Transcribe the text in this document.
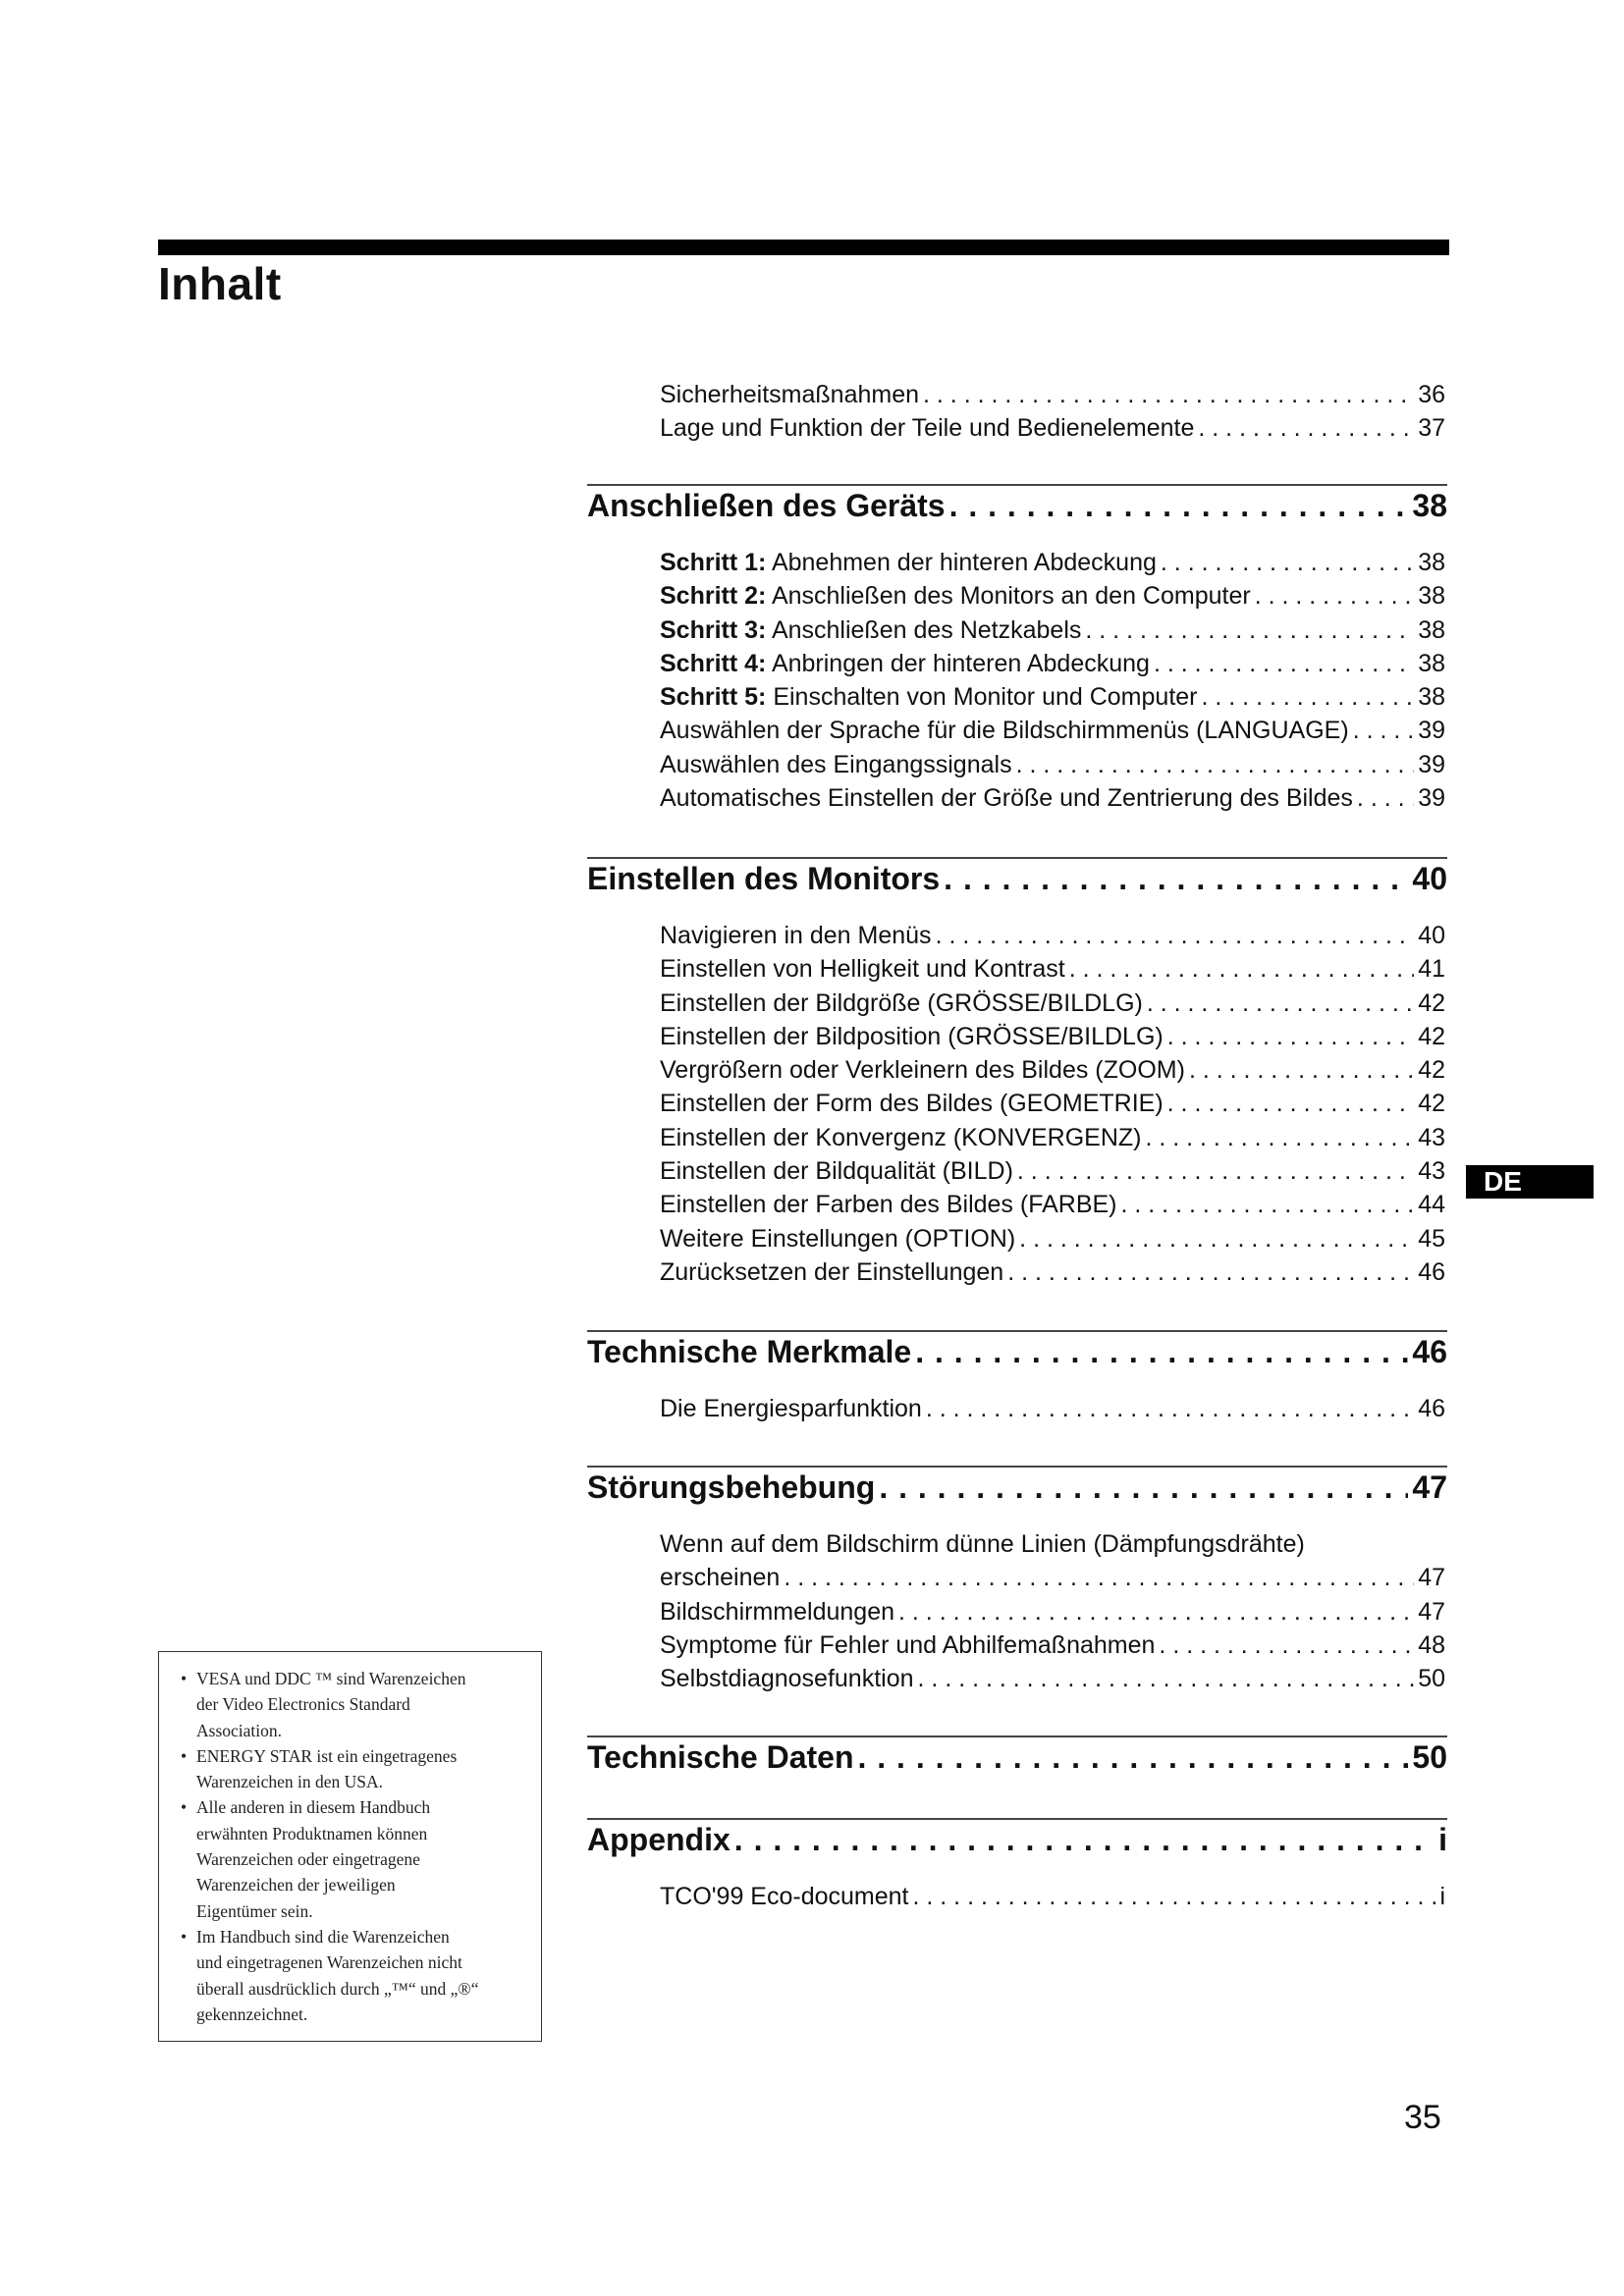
Inhalt
Sicherheitsmaßnahmen . . .	36
Lage und Funktion der Teile und Bedienelemente . . .	37
Anschließen des Geräts . . .	38
Schritt 1: Abnehmen der hinteren Abdeckung . . .	38
Schritt 2: Anschließen des Monitors an den Computer . . .	38
Schritt 3: Anschließen des Netzkabels . . .	38
Schritt 4: Anbringen der hinteren Abdeckung . . .	38
Schritt 5: Einschalten von Monitor und Computer . . .	38
Auswählen der Sprache für die Bildschirmmenüs (LANGUAGE) . . .	39
Auswählen des Eingangssignals . . .	39
Automatisches Einstellen der Größe und Zentrierung des Bildes . . .	39
Einstellen des Monitors . . .	40
Navigieren in den Menüs . . .	40
Einstellen von Helligkeit und Kontrast . . .	41
Einstellen der Bildgröße (GRÖSSE/BILDLG) . . .	42
Einstellen der Bildposition (GRÖSSE/BILDLG) . . .	42
Vergrößern oder Verkleinern des Bildes (ZOOM) . . .	42
Einstellen der Form des Bildes (GEOMETRIE) . . .	42
Einstellen der Konvergenz (KONVERGENZ) . . .	43
Einstellen der Bildqualität (BILD) . . .	43
Einstellen der Farben des Bildes (FARBE) . . .	44
Weitere Einstellungen (OPTION) . . .	45
Zurücksetzen der Einstellungen . . .	46
Technische Merkmale . . .	46
Die Energiesparfunktion . . .	46
Störungsbehebung . . .	47
Wenn auf dem Bildschirm dünne Linien (Dämpfungsdrähte)
erscheinen . . .	47
Bildschirmmeldungen . . .	47
Symptome für Fehler und Abhilfemaßnahmen . . .	48
Selbstdiagnosefunktion . . .	50
Technische Daten . . .	50
Appendix . . .	i
TCO'99 Eco-document . . .	i
DE
• VESA und DDC ™ sind Warenzeichen
der Video Electronics Standard
Association.
• ENERGY STAR ist ein eingetragenes
Warenzeichen in den USA.
• Alle anderen in diesem Handbuch
erwähnten Produktnamen können
Warenzeichen oder eingetragene
Warenzeichen der jeweiligen
Eigentümer sein.
• Im Handbuch sind die Warenzeichen
und eingetragenen Warenzeichen nicht
überall ausdrücklich durch „™“ und „®“
gekennzeichnet.
35
